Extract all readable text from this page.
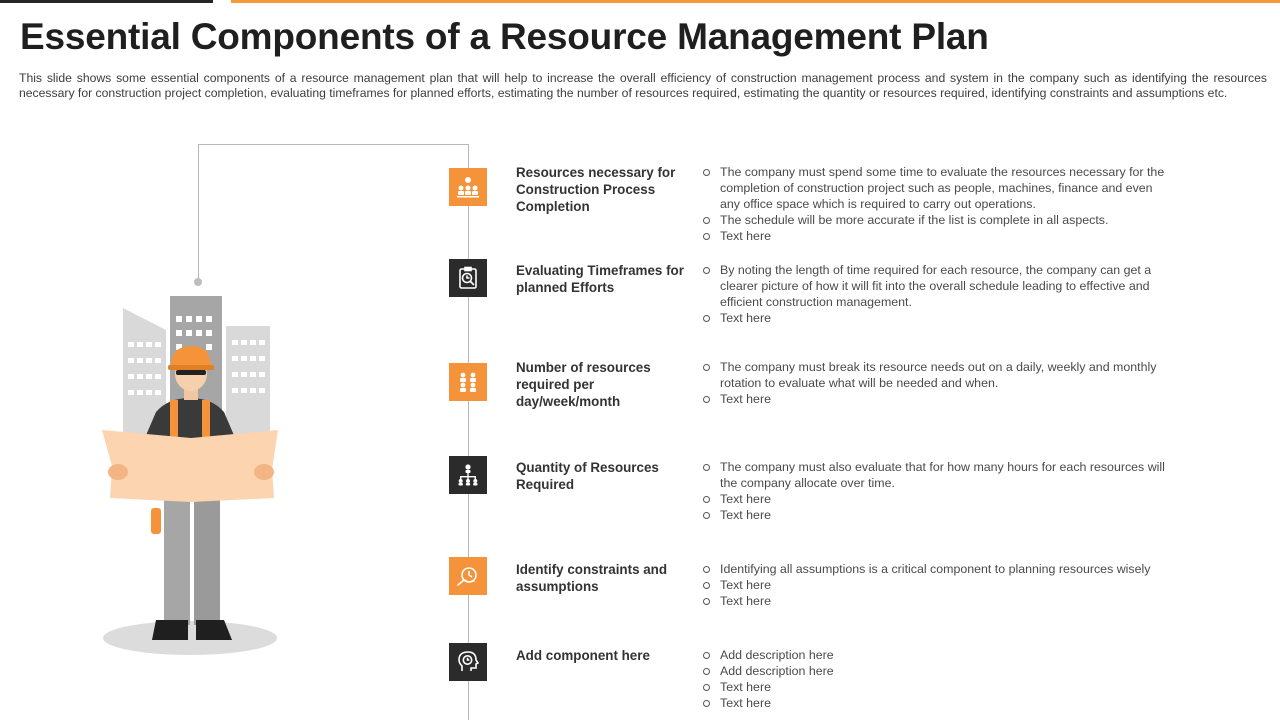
Essential Components of a Resource Management Plan

This slide shows some essential components of a resource management plan that will help to increase the overall efficiency of construction management process and system in the company such as identifying the resources necessary for construction project completion, evaluating timeframes for planned efforts, estimating the number of resources required, estimating the quantity or resources required, identifying constraints and assumptions etc.

Resources necessary for Construction Process Completion
The company must spend some time to evaluate the resources necessary for the completion of construction project such as people, machines, finance and even any office space which is required to carry out operations.
The schedule will be more accurate if the list is complete in all aspects.
Text here
Evaluating Timeframes for planned Efforts
By noting the length of time required for each resource, the company can get a clearer picture of how it will fit into the overall schedule leading to effective and efficient construction management.
Text here
Number of resources required per day/week/month
The company must break its resource needs out on a daily, weekly and monthly rotation to evaluate what will be needed and when.
Text here
Quantity of Resources Required
The company must also evaluate that for how many hours for each resources will the company allocate over time.
Text here
Text here
Identify constraints and assumptions
Identifying all assumptions is a critical component to planning resources wisely
Text here
Text here
Add component here	Add description here
Add description here
Text here
Text here
